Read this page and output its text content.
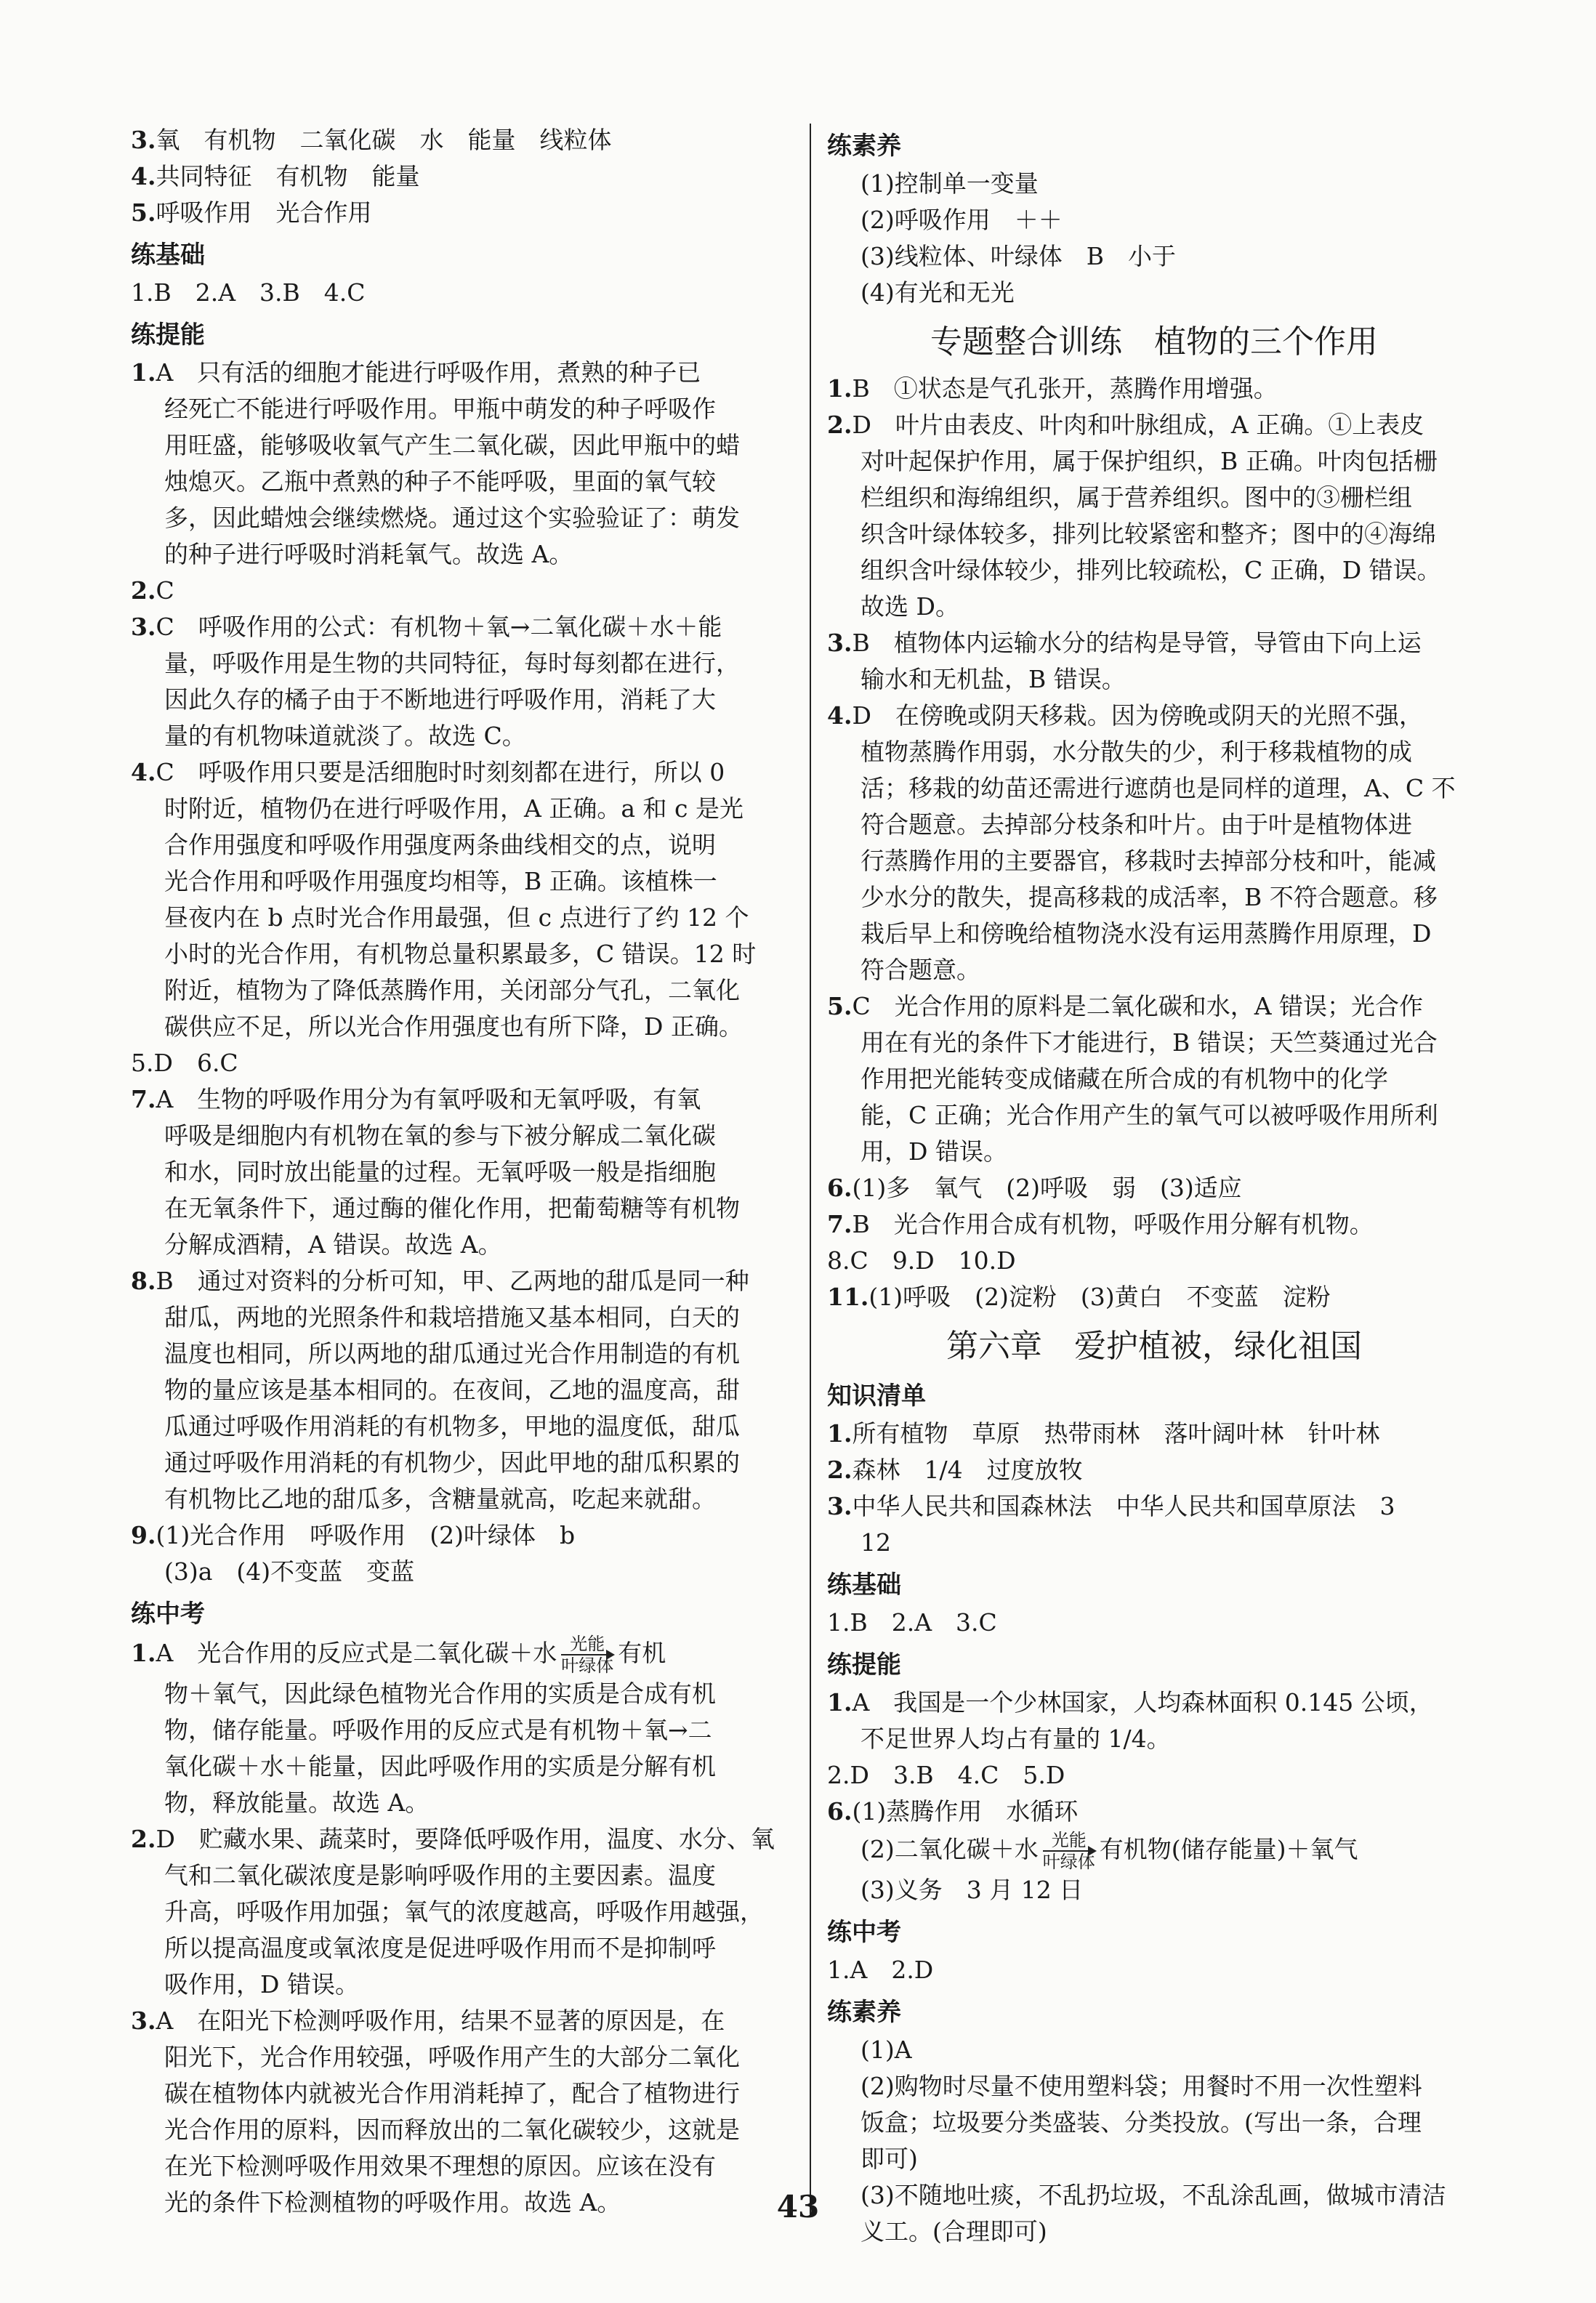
3.氧　有机物　二氧化碳　水　能量　线粒体
4.共同特征　有机物　能量
5.呼吸作用　光合作用
练基础
1.B　2.A　3.B　4.C
练提能
1.A　只有活的细胞才能进行呼吸作用，煮熟的种子已
经死亡不能进行呼吸作用。甲瓶中萌发的种子呼吸作
用旺盛，能够吸收氧气产生二氧化碳，因此甲瓶中的蜡
烛熄灭。乙瓶中煮熟的种子不能呼吸，里面的氧气较
多，因此蜡烛会继续燃烧。通过这个实验验证了：萌发
的种子进行呼吸时消耗氧气。故选 A。
2.C
3.C　呼吸作用的公式：有机物＋氧→二氧化碳＋水＋能
量，呼吸作用是生物的共同特征，每时每刻都在进行，
因此久存的橘子由于不断地进行呼吸作用，消耗了大
量的有机物味道就淡了。故选 C。
4.C　呼吸作用只要是活细胞时时刻刻都在进行，所以 0
时附近，植物仍在进行呼吸作用，A 正确。a 和 c 是光
合作用强度和呼吸作用强度两条曲线相交的点，说明
光合作用和呼吸作用强度均相等，B 正确。该植株一
昼夜内在 b 点时光合作用最强，但 c 点进行了约 12 个
小时的光合作用，有机物总量积累最多，C 错误。12 时
附近，植物为了降低蒸腾作用，关闭部分气孔，二氧化
碳供应不足，所以光合作用强度也有所下降，D 正确。
5.D　6.C
7.A　生物的呼吸作用分为有氧呼吸和无氧呼吸，有氧
呼吸是细胞内有机物在氧的参与下被分解成二氧化碳
和水，同时放出能量的过程。无氧呼吸一般是指细胞
在无氧条件下，通过酶的催化作用，把葡萄糖等有机物
分解成酒精，A 错误。故选 A。
8.B　通过对资料的分析可知，甲、乙两地的甜瓜是同一种
甜瓜，两地的光照条件和栽培措施又基本相同，白天的
温度也相同，所以两地的甜瓜通过光合作用制造的有机
物的量应该是基本相同的。在夜间，乙地的温度高，甜
瓜通过呼吸作用消耗的有机物多，甲地的温度低，甜瓜
通过呼吸作用消耗的有机物少，因此甲地的甜瓜积累的
有机物比乙地的甜瓜多，含糖量就高，吃起来就甜。
9.(1)光合作用　呼吸作用　(2)叶绿体　b
(3)a　(4)不变蓝　变蓝
练中考
1.A　光合作用的反应式是二氧化碳＋水 光能
叶绿体 有机
物＋氧气，因此绿色植物光合作用的实质是合成有机
物，储存能量。呼吸作用的反应式是有机物＋氧→二
氧化碳＋水＋能量，因此呼吸作用的实质是分解有机
物，释放能量。故选 A。
2.D　贮藏水果、蔬菜时，要降低呼吸作用，温度、水分、氧
气和二氧化碳浓度是影响呼吸作用的主要因素。温度
升高，呼吸作用加强；氧气的浓度越高，呼吸作用越强，
所以提高温度或氧浓度是促进呼吸作用而不是抑制呼
吸作用，D 错误。
3.A　在阳光下检测呼吸作用，结果不显著的原因是，在
阳光下，光合作用较强，呼吸作用产生的大部分二氧化
碳在植物体内就被光合作用消耗掉了，配合了植物进行
光合作用的原料，因而释放出的二氧化碳较少，这就是
在光下检测呼吸作用效果不理想的原因。应该在没有
光的条件下检测植物的呼吸作用。故选 A。
练素养
(1)控制单一变量
(2)呼吸作用　＋＋
(3)线粒体、叶绿体　B　小于
(4)有光和无光
专题整合训练　植物的三个作用
1.B　①状态是气孔张开，蒸腾作用增强。
2.D　叶片由表皮、叶肉和叶脉组成，A 正确。①上表皮
对叶起保护作用，属于保护组织，B 正确。叶肉包括栅
栏组织和海绵组织，属于营养组织。图中的③栅栏组
织含叶绿体较多，排列比较紧密和整齐；图中的④海绵
组织含叶绿体较少，排列比较疏松，C 正确，D 错误。
故选 D。
3.B　植物体内运输水分的结构是导管，导管由下向上运
输水和无机盐，B 错误。
4.D　在傍晚或阴天移栽。因为傍晚或阴天的光照不强，
植物蒸腾作用弱，水分散失的少，利于移栽植物的成
活；移栽的幼苗还需进行遮荫也是同样的道理，A、C 不
符合题意。去掉部分枝条和叶片。由于叶是植物体进
行蒸腾作用的主要器官，移栽时去掉部分枝和叶，能减
少水分的散失，提高移栽的成活率，B 不符合题意。移
栽后早上和傍晚给植物浇水没有运用蒸腾作用原理，D
符合题意。
5.C　光合作用的原料是二氧化碳和水，A 错误；光合作
用在有光的条件下才能进行，B 错误；天竺葵通过光合
作用把光能转变成储藏在所合成的有机物中的化学
能，C 正确；光合作用产生的氧气可以被呼吸作用所利
用，D 错误。
6.(1)多　氧气　(2)呼吸　弱　(3)适应
7.B　光合作用合成有机物，呼吸作用分解有机物。
8.C　9.D　10.D
11.(1)呼吸　(2)淀粉　(3)黄白　不变蓝　淀粉
第六章　爱护植被，绿化祖国
知识清单
1.所有植物　草原　热带雨林　落叶阔叶林　针叶林
2.森林　1/4　过度放牧
3.中华人民共和国森林法　中华人民共和国草原法　3
12
练基础
1.B　2.A　3.C
练提能
1.A　我国是一个少林国家，人均森林面积 0.145 公顷，
不足世界人均占有量的 1/4。
2.D　3.B　4.C　5.D
6.(1)蒸腾作用　水循环
(2)二氧化碳＋水 光能
叶绿体 有机物(储存能量)＋氧气
(3)义务　3 月 12 日
练中考
1.A　2.D
练素养
(1)A
(2)购物时尽量不使用塑料袋；用餐时不用一次性塑料
饭盒；垃圾要分类盛装、分类投放。(写出一条，合理
即可)
(3)不随地吐痰，不乱扔垃圾，不乱涂乱画，做城市清洁
义工。(合理即可)
43
